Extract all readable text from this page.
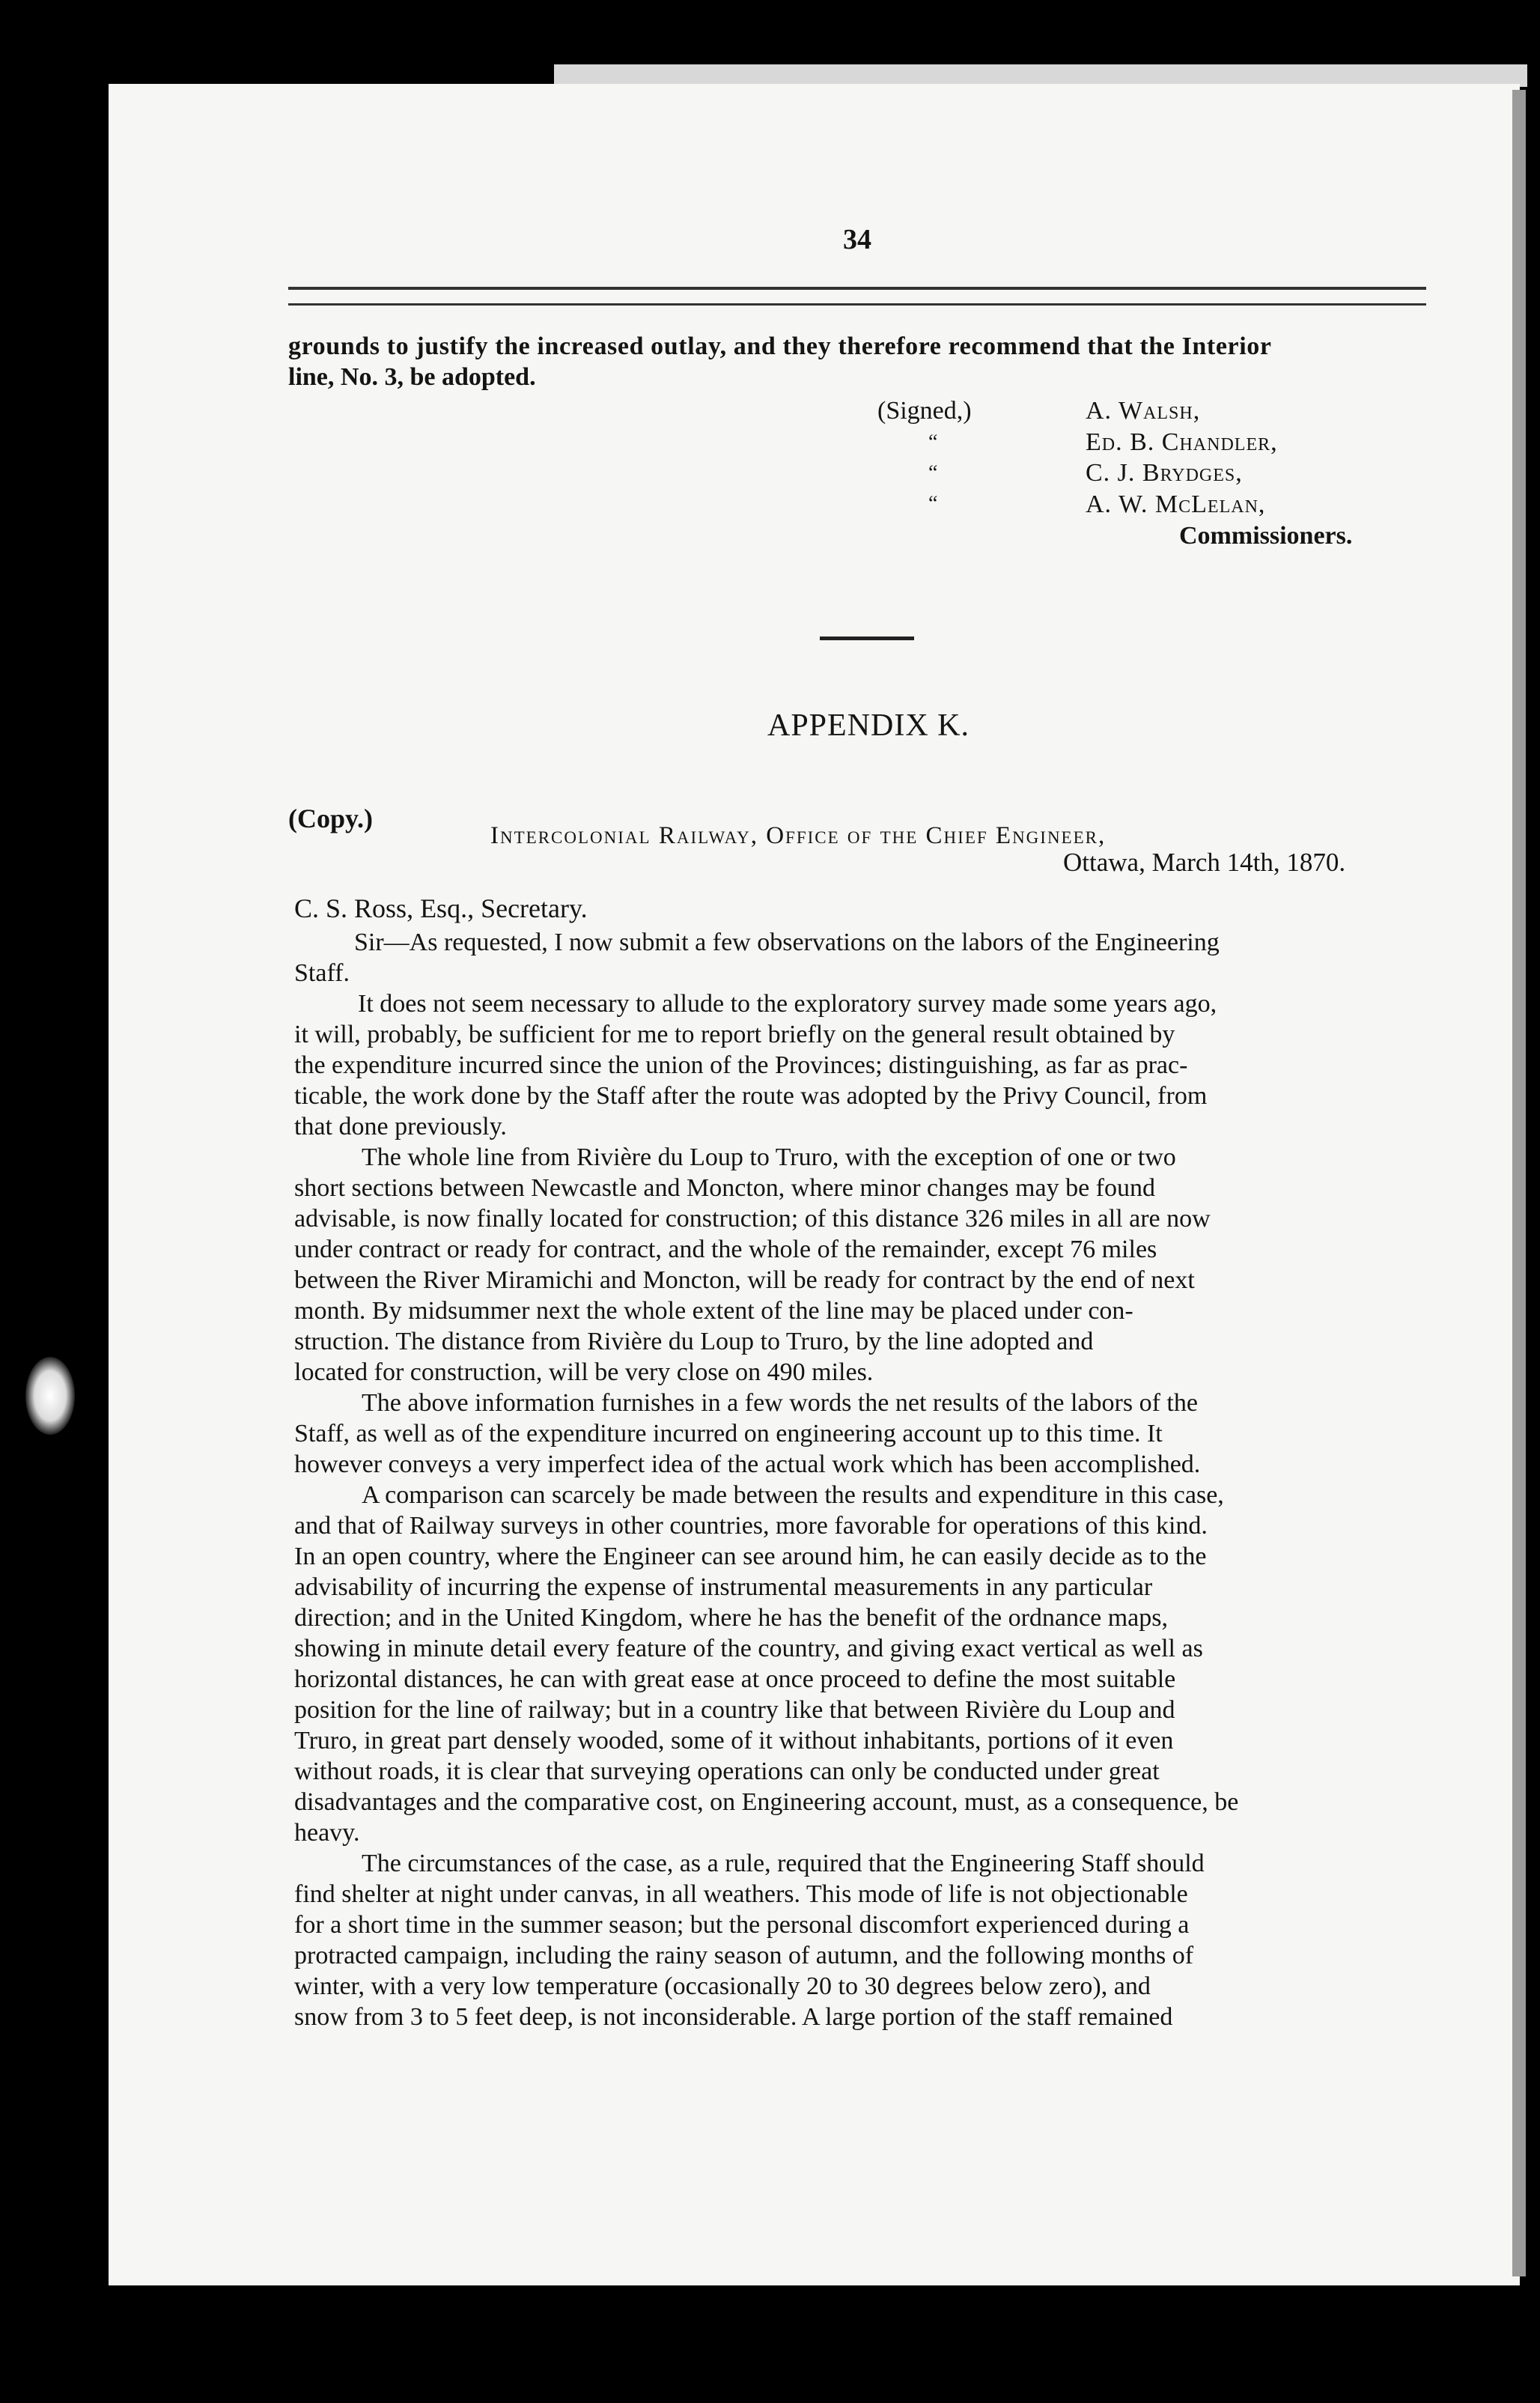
34
grounds to justify the increased outlay, and they therefore recommend that the Interior
line, No. 3, be adopted.
(Signed,)
“
“
“
A. Walsh,
Ed. B. Chandler,
C. J. Brydges,
A. W. McLelan,
Commissioners.
APPENDIX K.
(Copy.)
Intercolonial Railway, Office of the Chief Engineer,
Ottawa, March 14th, 1870.
C. S. Ross, Esq., Secretary.
Sir—As requested, I now submit a few observations on the labors of the Engineering
Staff.
It does not seem necessary to allude to the exploratory survey made some years ago,
it will, probably, be sufficient for me to report briefly on the general result obtained by
the expenditure incurred since the union of the Provinces; distinguishing, as far as prac-
ticable, the work done by the Staff after the route was adopted by the Privy Council, from
that done previously.
The whole line from Rivière du Loup to Truro, with the exception of one or two
short sections between Newcastle and Moncton, where minor changes may be found
advisable, is now finally located for construction; of this distance 326 miles in all are now
under contract or ready for contract, and the whole of the remainder, except 76 miles
between the River Miramichi and Moncton, will be ready for contract by the end of next
month. By midsummer next the whole extent of the line may be placed under con-
struction. The distance from Rivière du Loup to Truro, by the line adopted and
located for construction, will be very close on 490 miles.
The above information furnishes in a few words the net results of the labors of the
Staff, as well as of the expenditure incurred on engineering account up to this time. It
however conveys a very imperfect idea of the actual work which has been accomplished.
A comparison can scarcely be made between the results and expenditure in this case,
and that of Railway surveys in other countries, more favorable for operations of this kind.
In an open country, where the Engineer can see around him, he can easily decide as to the
advisability of incurring the expense of instrumental measurements in any particular
direction; and in the United Kingdom, where he has the benefit of the ordnance maps,
showing in minute detail every feature of the country, and giving exact vertical as well as
horizontal distances, he can with great ease at once proceed to define the most suitable
position for the line of railway; but in a country like that between Rivière du Loup and
Truro, in great part densely wooded, some of it without inhabitants, portions of it even
without roads, it is clear that surveying operations can only be conducted under great
disadvantages and the comparative cost, on Engineering account, must, as a consequence, be
heavy.
The circumstances of the case, as a rule, required that the Engineering Staff should
find shelter at night under canvas, in all weathers. This mode of life is not objectionable
for a short time in the summer season; but the personal discomfort experienced during a
protracted campaign, including the rainy season of autumn, and the following months of
winter, with a very low temperature (occasionally 20 to 30 degrees below zero), and
snow from 3 to 5 feet deep, is not inconsiderable. A large portion of the staff remained
